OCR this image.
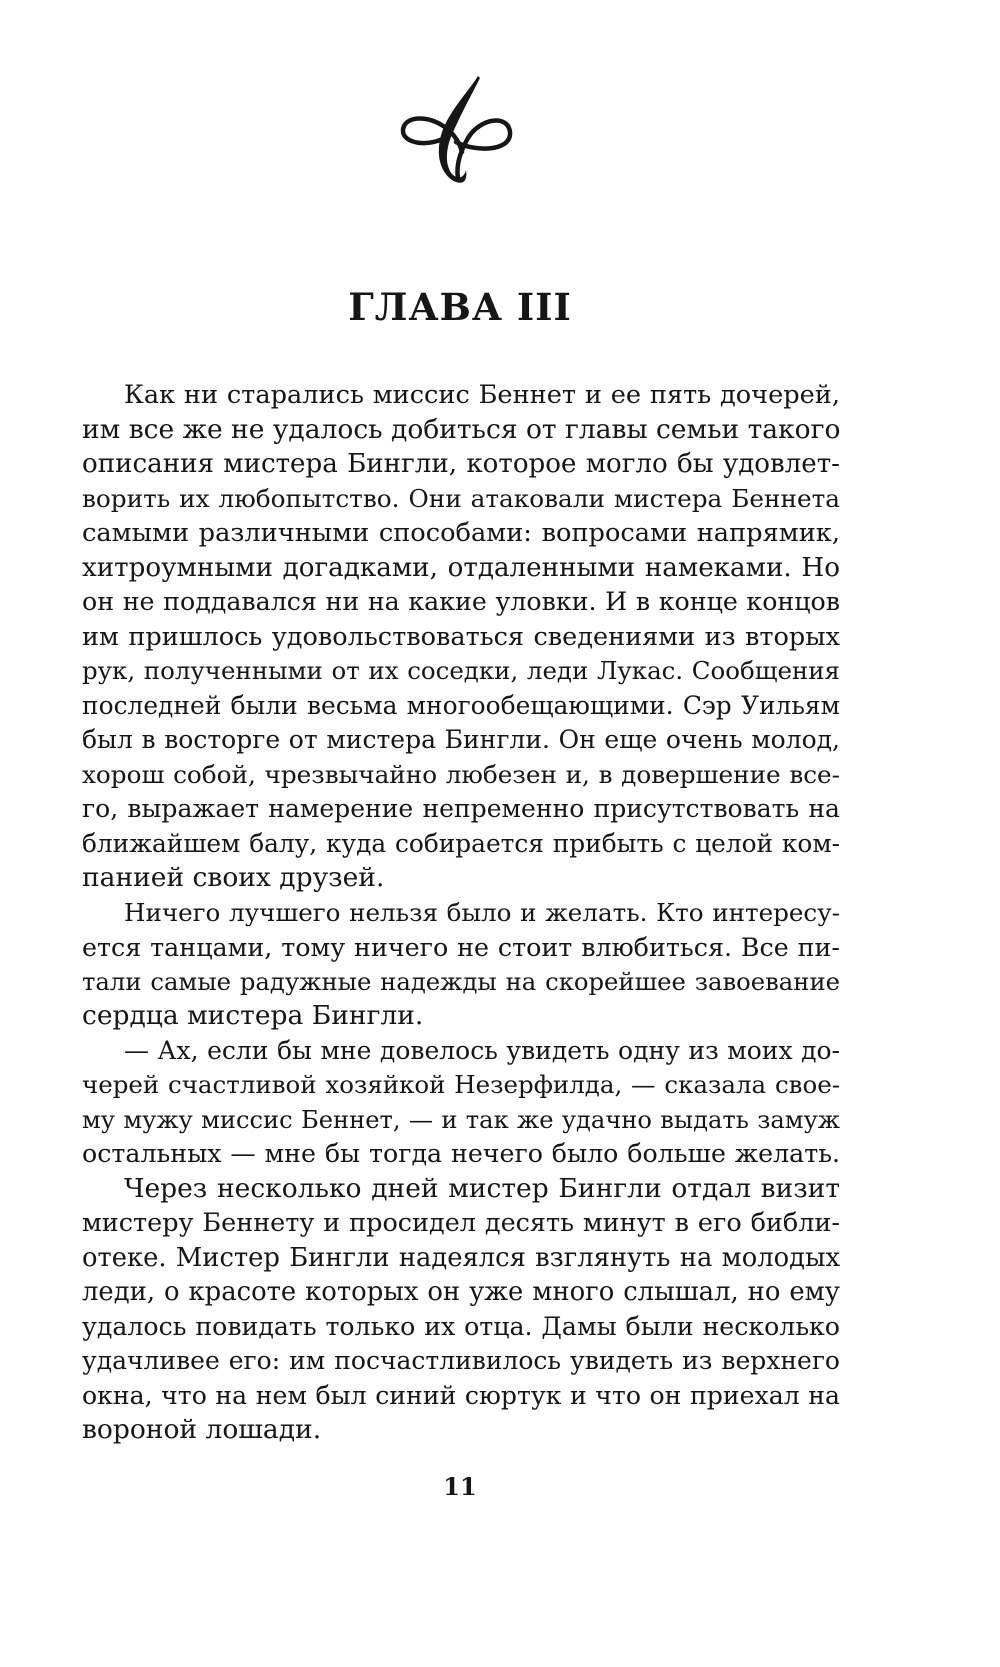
ГЛАВА III
Как ни старались миссис Беннет и ее пять дочерей,
им все же не удалось добиться от главы семьи такого
описания мистера Бингли, которое могло бы удовлет-
ворить их любопытство. Они атаковали мистера Беннета
самыми различными способами: вопросами напрямик,
хитроумными догадками, отдаленными намеками. Но
он не поддавался ни на какие уловки. И в конце концов
им пришлось удовольствоваться сведениями из вторых
рук, полученными от их соседки, леди Лукас. Сообщения
последней были весьма многообещающими. Сэр Уильям
был в восторге от мистера Бингли. Он еще очень молод,
хорош собой, чрезвычайно любезен и, в довершение все-
го, выражает намерение непременно присутствовать на
ближайшем балу, куда собирается прибыть с целой ком-
панией своих друзей.
Ничего лучшего нельзя было и желать. Кто интересу-
ется танцами, тому ничего не стоит влюбиться. Все пи-
тали самые радужные надежды на скорейшее завоевание
сердца мистера Бингли.
— Ах, если бы мне довелось увидеть одну из моих до-
черей счастливой хозяйкой Незерфилда, — сказала свое-
му мужу миссис Беннет, — и так же удачно выдать замуж
остальных — мне бы тогда нечего было больше желать.
Через несколько дней мистер Бингли отдал визит
мистеру Беннету и просидел десять минут в его библи-
отеке. Мистер Бингли надеялся взглянуть на молодых
леди, о красоте которых он уже много слышал, но ему
удалось повидать только их отца. Дамы были несколько
удачливее его: им посчастливилось увидеть из верхнего
окна, что на нем был синий сюртук и что он приехал на
вороной лошади.
11
